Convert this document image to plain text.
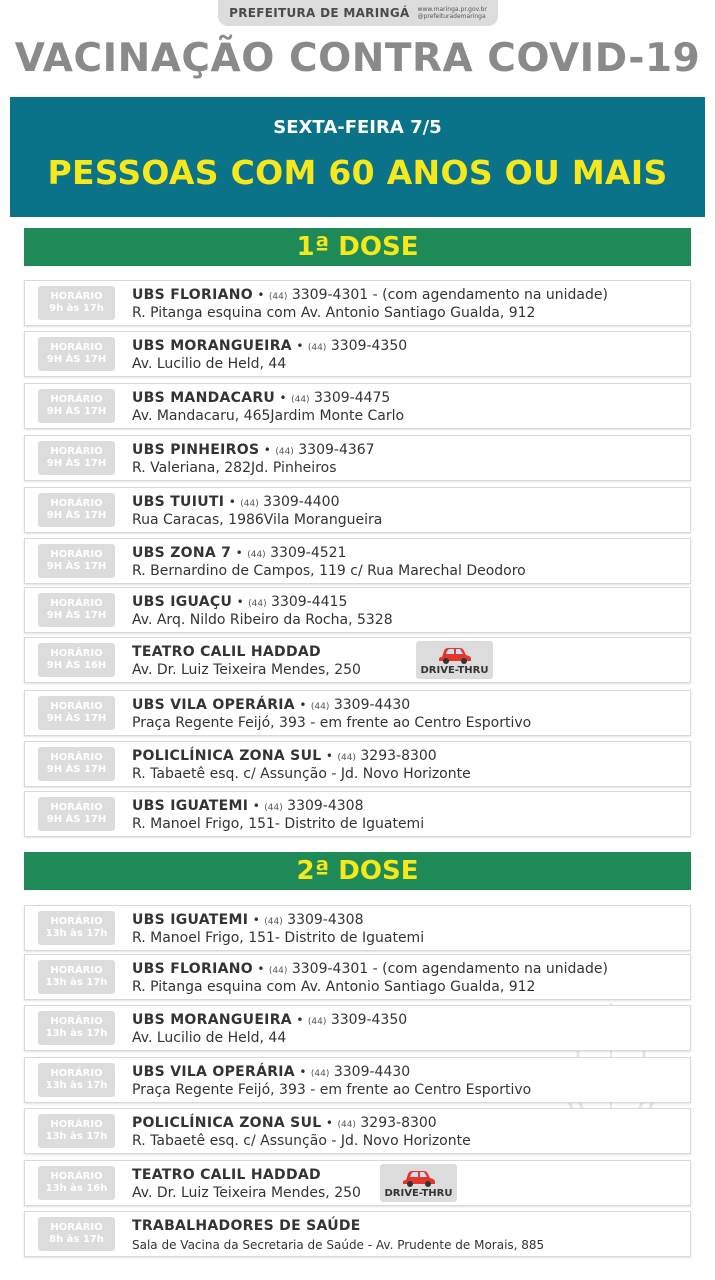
PREFEITURA DE MARINGÁ www.maringa.pr.gov.br
@prefeiturademaringa
VACINAÇÃO CONTRA COVID-19
SEXTA-FEIRA 7/5
PESSOAS COM 60 ANOS OU MAIS
1ª DOSE
HORÁRIO
9h às 17h
UBS FLORIANO • (44) 3309-4301 - (com agendamento na unidade)
R. Pitanga esquina com Av. Antonio Santiago Gualda, 912
HORÁRIO
9H ÀS 17H
UBS MORANGUEIRA • (44) 3309-4350
Av. Lucilio de Held, 44
HORÁRIO
9H ÀS 17H
UBS MANDACARU • (44) 3309-4475
Av. Mandacaru, 465Jardim Monte Carlo
HORÁRIO
9H ÀS 17H
UBS PINHEIROS • (44) 3309-4367
R. Valeriana, 282Jd. Pinheiros
HORÁRIO
9H ÀS 17H
UBS TUIUTI • (44) 3309-4400
Rua Caracas, 1986Vila Morangueira
HORÁRIO
9H ÀS 17H
UBS ZONA 7 • (44) 3309-4521
R. Bernardino de Campos, 119 c/ Rua Marechal Deodoro
HORÁRIO
9H ÀS 17H
UBS IGUAÇU • (44) 3309-4415
Av. Arq. Nildo Ribeiro da Rocha, 5328
HORÁRIO
9H ÀS 16H
TEATRO CALIL HADDAD
Av. Dr. Luiz Teixeira Mendes, 250	DRIVE-THRU
HORÁRIO
9H ÀS 17H
UBS VILA OPERÁRIA • (44) 3309-4430
Praça Regente Feijó, 393 - em frente ao Centro Esportivo
HORÁRIO
9H ÀS 17H
POLICLÍNICA ZONA SUL • (44) 3293-8300
R. Tabaetê esq. c/ Assunção - Jd. Novo Horizonte
HORÁRIO
9H ÀS 17H
UBS IGUATEMI • (44) 3309-4308
R. Manoel Frigo, 151- Distrito de Iguatemi
2ª DOSE
HORÁRIO
13h às 17h
UBS IGUATEMI • (44) 3309-4308
R. Manoel Frigo, 151- Distrito de Iguatemi
HORÁRIO
13h às 17h
UBS FLORIANO • (44) 3309-4301 - (com agendamento na unidade)
R. Pitanga esquina com Av. Antonio Santiago Gualda, 912
HORÁRIO
13h às 17h
UBS MORANGUEIRA • (44) 3309-4350
Av. Lucilio de Held, 44
HORÁRIO
13h às 17h
UBS VILA OPERÁRIA • (44) 3309-4430
Praça Regente Feijó, 393 - em frente ao Centro Esportivo
HORÁRIO
13h às 17h
POLICLÍNICA ZONA SUL • (44) 3293-8300
R. Tabaetê esq. c/ Assunção - Jd. Novo Horizonte
HORÁRIO
13h às 16h
TEATRO CALIL HADDAD
Av. Dr. Luiz Teixeira Mendes, 250 DRIVE-THRU
HORÁRIO
8h às 17h
TRABALHADORES DE SAÚDE
Sala de Vacina da Secretaria de Saúde - Av. Prudente de Morais, 885
